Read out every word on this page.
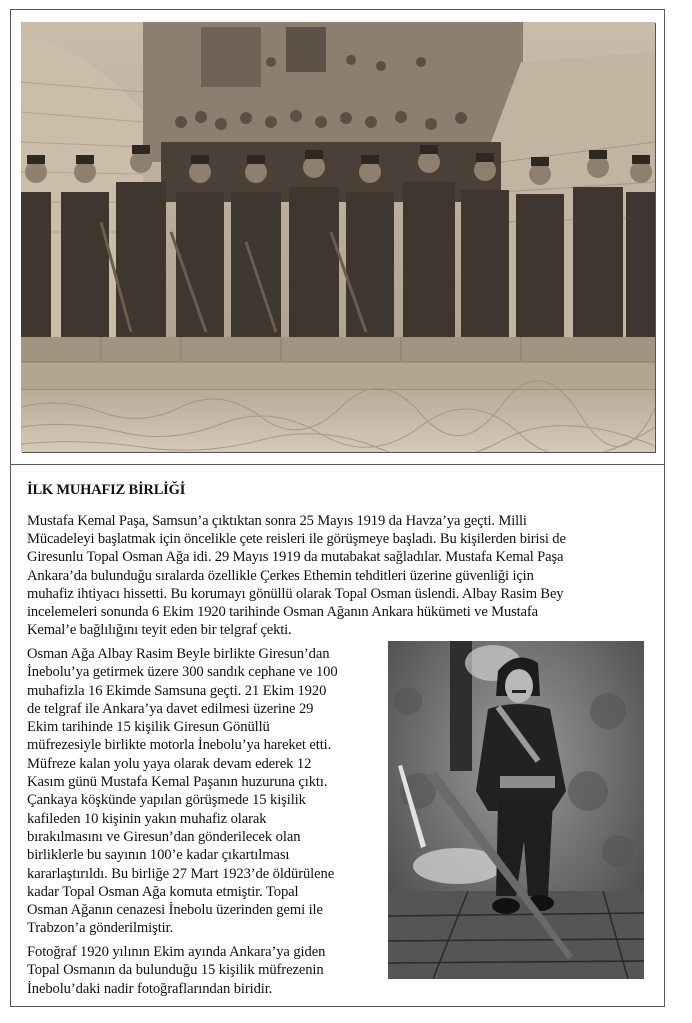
İLK MUHAFIZ BİRLİĞİ

Mustafa Kemal Paşa, Samsun’a çıktıktan sonra 25 Mayıs 1919 da Havza’ya geçti. Milli
Mücadeleyi başlatmak için öncelikle çete reisleri ile görüşmeye başladı. Bu kişilerden birisi de
Giresunlu Topal Osman Ağa idi. 29 Mayıs 1919 da mutabakat sağladılar. Mustafa Kemal Paşa
Ankara’da bulunduğu sıralarda özellikle Çerkes Ethemin tehditleri üzerine güvenliği için
muhafiz ihtiyacı hissetti. Bu korumayı gönüllü olarak Topal Osman üslendi. Albay Rasim Bey
incelemeleri sonunda 6 Ekim 1920 tarihinde Osman Ağanın Ankara hükümeti ve Mustafa
Kemal’e bağlılığını teyit eden bir telgraf çekti.

Osman Ağa Albay Rasim Beyle birlikte Giresun’dan
İnebolu’ya getirmek üzere 300 sandık cephane ve 100
muhafizla 16 Ekimde Samsuna geçti. 21 Ekim 1920
de telgraf ile Ankara’ya davet edilmesi üzerine 29
Ekim tarihinde 15 kişilik Giresun Gönüllü
müfrezesiyle birlikte motorla İnebolu’ya hareket etti.
Müfreze kalan yolu yaya olarak devam ederek 12
Kasım günü Mustafa Kemal Paşanın huzuruna çıktı.
Çankaya köşkünde yapılan görüşmede 15 kişilik
kafileden 10 kişinin yakın muhafiz olarak
bırakılmasını ve Giresun’dan gönderilecek olan
birliklerle bu sayının 100’e kadar çıkartılması
kararlaştırıldı. Bu birliğe 27 Mart 1923’de öldürülene
kadar Topal Osman Ağa komuta etmiştir. Topal
Osman Ağanın cenazesi İnebolu üzerinden gemi ile
Trabzon’a gönderilmiştir.

Fotoğraf 1920 yılının Ekim ayında Ankara’ya giden
Topal Osmanın da bulunduğu 15 kişilik müfrezenin
İnebolu’daki nadir fotoğraflarından biridir.
